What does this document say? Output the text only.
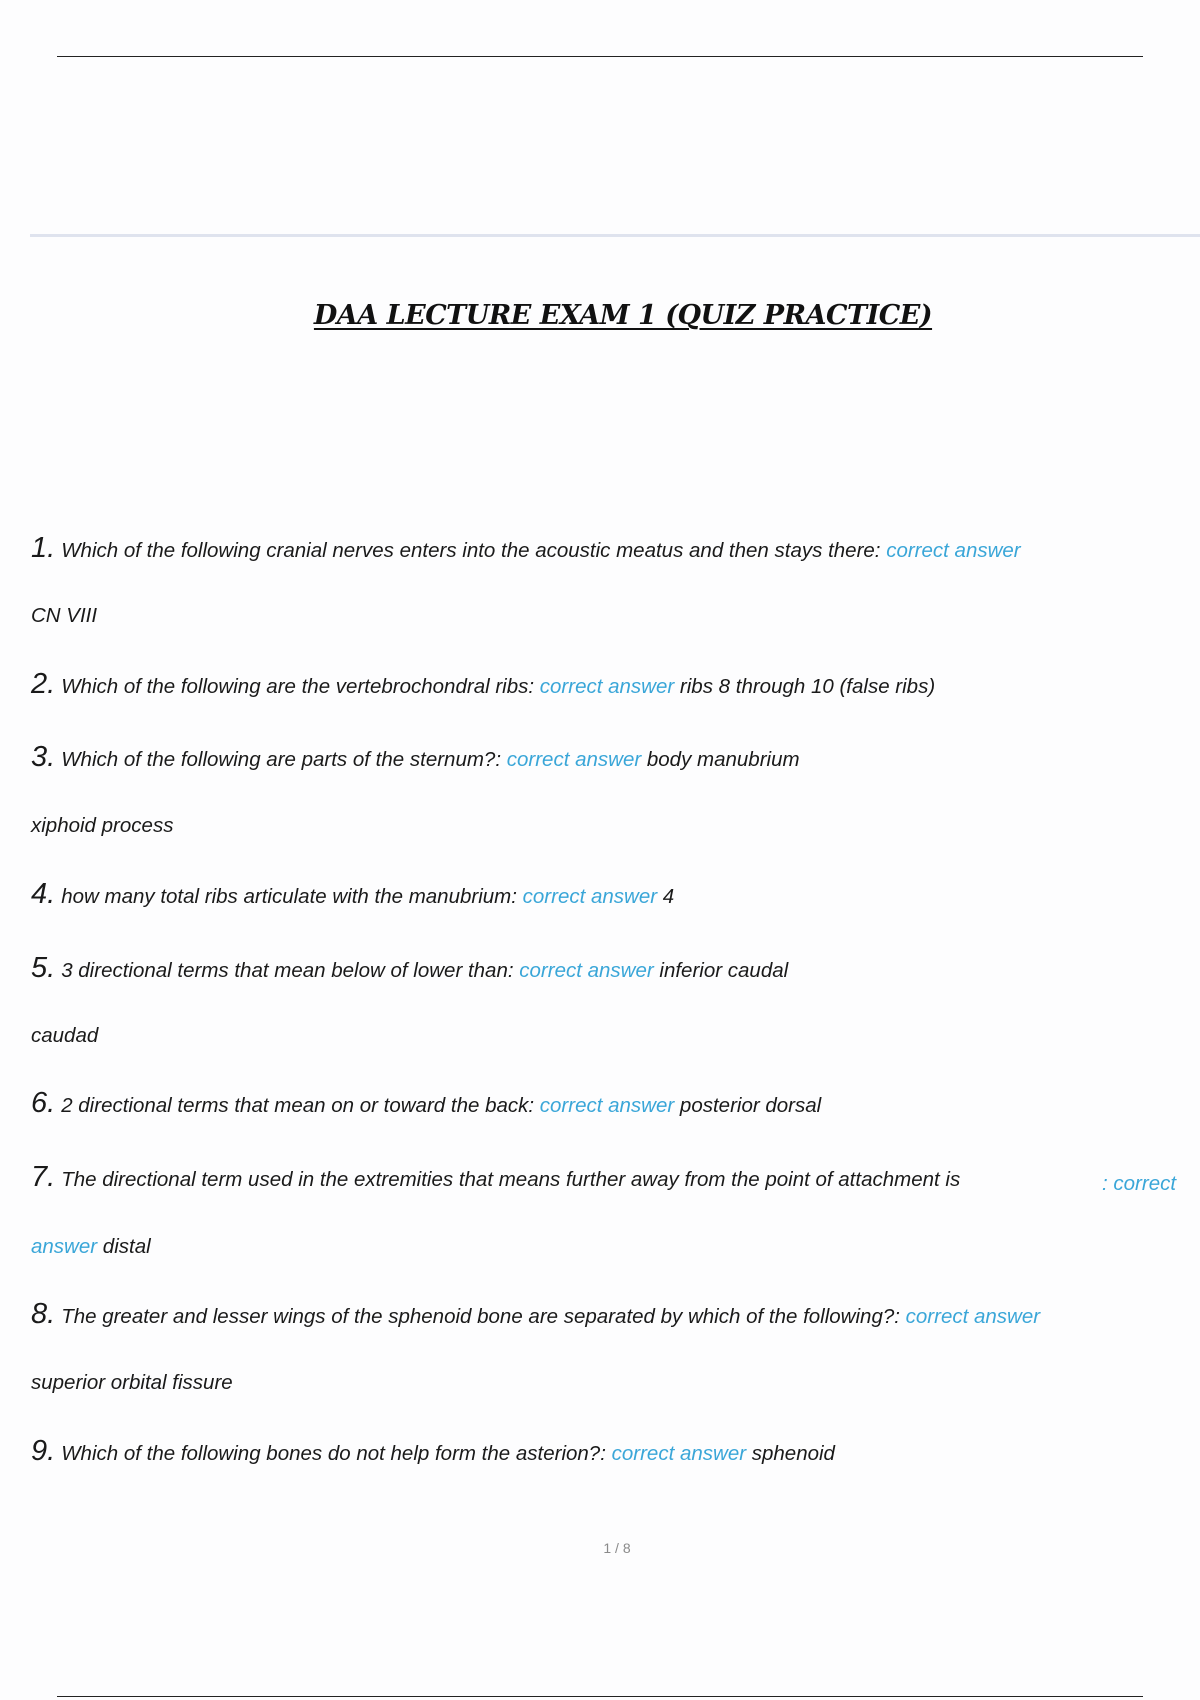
DAA LECTURE EXAM 1 (QUIZ PRACTICE)
1. Which of the following cranial nerves enters into the acoustic meatus and then stays there: correct answer
CN VIII
2. Which of the following are the vertebrochondral ribs: correct answer ribs 8 through 10 (false ribs)
3. Which of the following are parts of the sternum?: correct answer body manubrium
xiphoid process
4. how many total ribs articulate with the manubrium: correct answer 4
5. 3 directional terms that mean below of lower than: correct answer inferior caudal
caudad
6. 2 directional terms that mean on or toward the back: correct answer posterior dorsal
7. The directional term used in the extremities that means further away from the point of attachment is	: correct
answer distal
8. The greater and lesser wings of the sphenoid bone are separated by which of the following?: correct answer
superior orbital fissure
9. Which of the following bones do not help form the asterion?: correct answer sphenoid
1 / 8
